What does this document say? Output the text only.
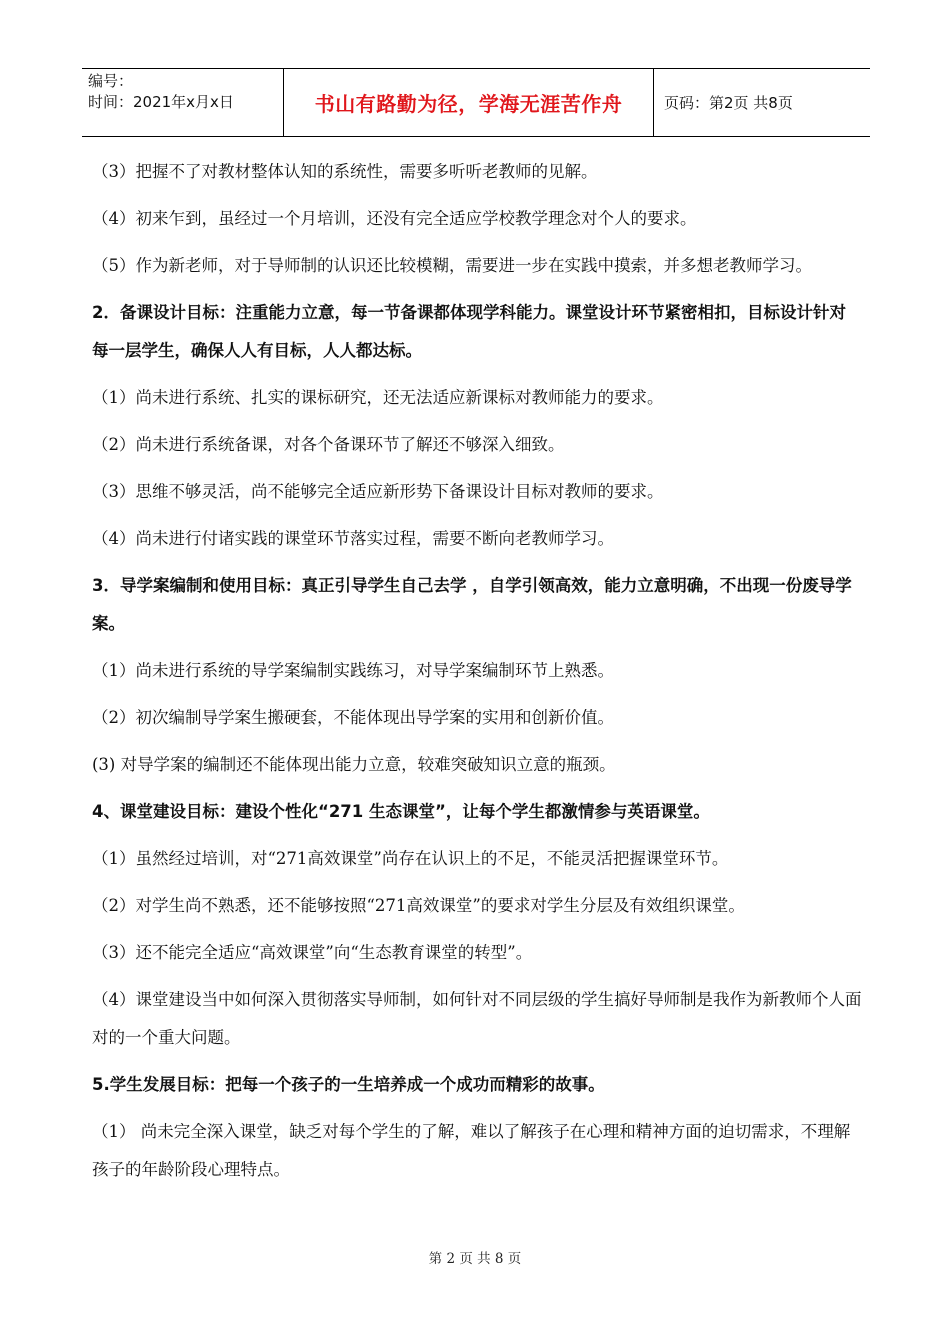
编号：
时间：2021年x月x日	书山有路勤为径，学海无涯苦作舟	页码：第2页 共8页

（3）把握不了对教材整体认知的系统性，需要多听听老教师的见解。

（4）初来乍到，虽经过一个月培训，还没有完全适应学校教学理念对个人的要求。

（5）作为新老师，对于导师制的认识还比较模糊，需要进一步在实践中摸索，并多想老教师学习。

2．备课设计目标：注重能力立意，每一节备课都体现学科能力。课堂设计环节紧密相扣，目标设计针对每一层学生，确保人人有目标，人人都达标。

（1）尚未进行系统、扎实的课标研究，还无法适应新课标对教师能力的要求。

（2）尚未进行系统备课，对各个备课环节了解还不够深入细致。

（3）思维不够灵活，尚不能够完全适应新形势下备课设计目标对教师的要求。

（4）尚未进行付诸实践的课堂环节落实过程，需要不断向老教师学习。

3．导学案编制和使用目标：真正引导学生自己去学 ，自学引领高效，能力立意明确，不出现一份废导学案。

（1）尚未进行系统的导学案编制实践练习，对导学案编制环节上熟悉。

（2）初次编制导学案生搬硬套，不能体现出导学案的实用和创新价值。

(3) 对导学案的编制还不能体现出能力立意，较难突破知识立意的瓶颈。

4、课堂建设目标：建设个性化“271 生态课堂”，让每个学生都激情参与英语课堂。

（1）虽然经过培训，对“271高效课堂”尚存在认识上的不足，不能灵活把握课堂环节。

（2）对学生尚不熟悉，还不能够按照“271高效课堂”的要求对学生分层及有效组织课堂。

（3）还不能完全适应“高效课堂”向“生态教育课堂的转型”。

（4）课堂建设当中如何深入贯彻落实导师制，如何针对不同层级的学生搞好导师制是我作为新教师个人面对的一个重大问题。

5.学生发展目标：把每一个孩子的一生培养成一个成功而精彩的故事。

（1） 尚未完全深入课堂，缺乏对每个学生的了解，难以了解孩子在心理和精神方面的迫切需求，不理解孩子的年龄阶段心理特点。

第 2 页 共 8 页
